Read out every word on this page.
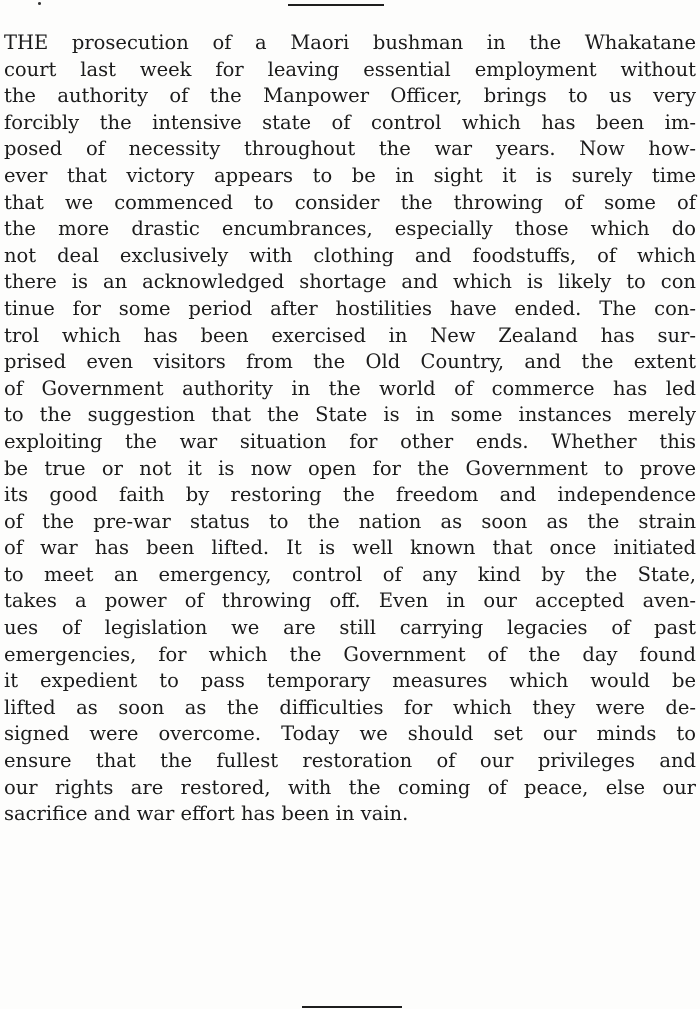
THE prosecution of a Maori bushman in the Whakatane
court last week for leaving essential employment without
the authority of the Manpower Officer, brings to us very
forcibly the intensive state of control which has been im-
posed of necessity throughout the war years. Now how-
ever that victory appears to be in sight it is surely time
that we commenced to consider the throwing of some of
the more drastic encumbrances, especially those which do
not deal exclusively with clothing and foodstuffs, of which
there is an acknowledged shortage and which is likely to con
tinue for some period after hostilities have ended. The con-
trol which has been exercised in New Zealand has sur-
prised even visitors from the Old Country, and the extent
of Government authority in the world of commerce has led
to the suggestion that the State is in some instances merely
exploiting the war situation for other ends. Whether this
be true or not it is now open for the Government to prove
its good faith by restoring the freedom and independence
of the pre-war status to the nation as soon as the strain
of war has been lifted. It is well known that once initiated
to meet an emergency, control of any kind by the State,
takes a power of throwing off. Even in our accepted aven-
ues of legislation we are still carrying legacies of past
emergencies, for which the Government of the day found
it expedient to pass temporary measures which would be
lifted as soon as the difficulties for which they were de-
signed were overcome. Today we should set our minds to
ensure that the fullest restoration of our privileges and
our rights are restored, with the coming of peace, else our
sacrifice and war effort has been in vain.
